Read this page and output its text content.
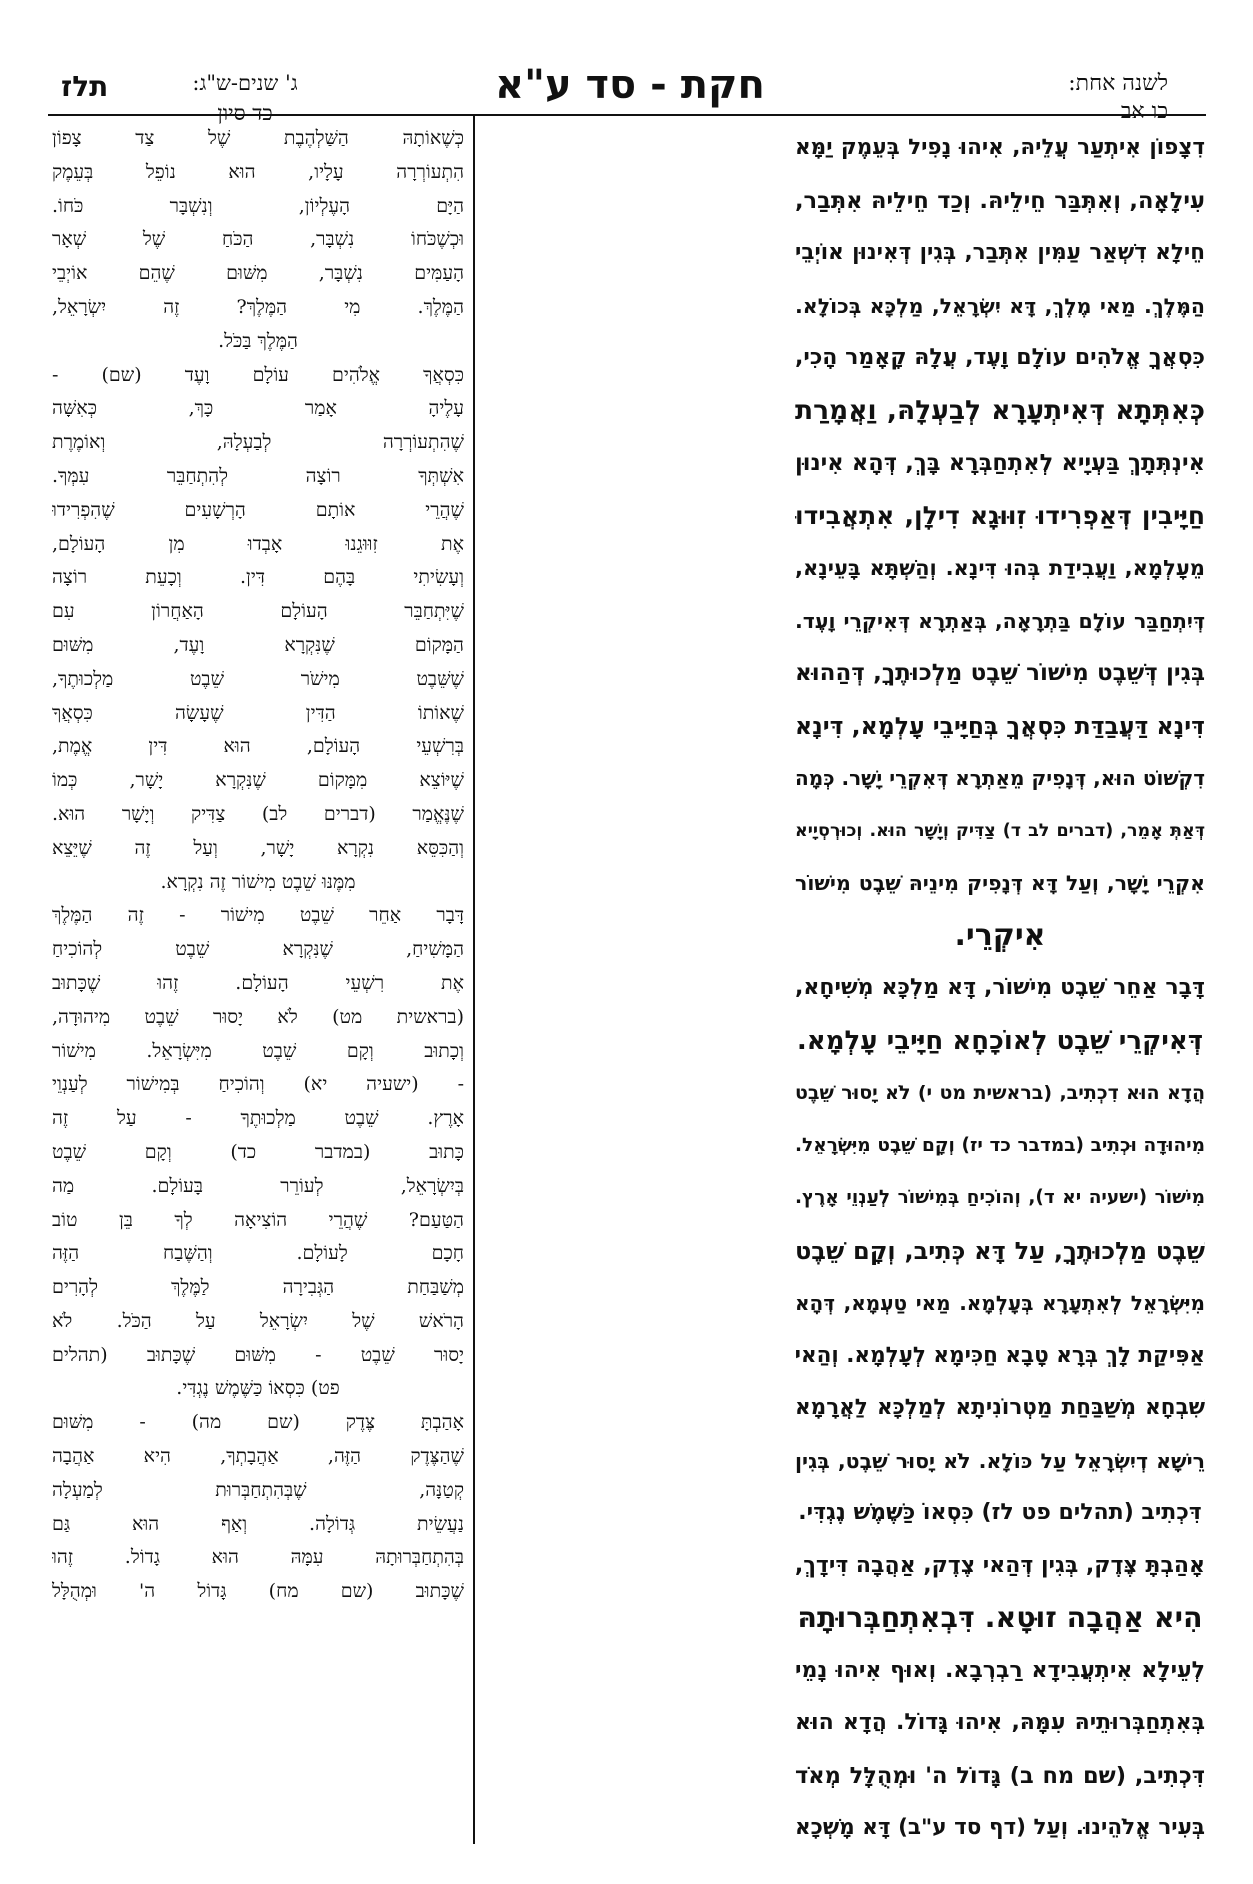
לשנה אחת:
כו אב
חקת - סד ע"א
ג' שנים-ש"ג:
כד סיון
תלז
דִצָפוֹן אִיתְעַר עֲלֵיהּ, אִיהוּ נָפִיל בְּעֵמֶק יַמָּא
עִילָאָה, וְאִתְּבַּר חֵילֵיהּ. וְכַד חֵילֵיהּ אִתְּבַר,
חֵילָא דִשְׁאַר עַמִּין אִתְּבַר, בְּגִין דְּאִינוּן אוֹיְבֵי
הַמֶּלֶךְ. מַאי מֶלֶךְ, דָּא יִשְׂרָאֵל, מַלְכָּא בְּכוֹלָא.
כִּסְאֲךָ אֱלֹהִים עוֹלָם וָעֶד, עֲלָהּ קָאָמַר הָכִי,
כְּאִתְּתָא דְּאִיתְעָרָא לְבַעְלָהּ, וַאֲמָרַת
אִינְתְּתָךְ בַּעְיָיא לְאִתְחַבְּרָא בָּךְ, דְּהָא אִינוּן
חַיָּיבִין דְּאַפְרִידוּ זִוּוּגָא דִילָן, אִתְאֲבִידוּ
מֵעָלְמָא, וַעֲבִידַת בְּהוּ דִּינָא. וְהַשְׁתָּא בָּעֵינָא,
דְּיִתְחַבַּר עוֹלָם בַּתְרָאָה, בְּאַתְרָא דְּאִיקְרֵי וָעֶד.
בְּגִין דְּשֵׁבֶט מִישׁוֹר שֵׁבֶט מַלְכוּתֶךָ, דְּהַהוּא
דִּינָא דַּעֲבַדַּת כִּסְאֲךָ בְּחַיָּיבֵי עָלְמָא, דִּינָא
דִקְשׁוֹט הוּא, דְּנָפִיק מֵאַתְרָא דְּאִקְרֵי יָשָׁר. כְּמָה
דְּאַתְּ אָמֵר, (דברים לב ד) צַדִּיק וְיָשָׁר הוּא. וְכוּרְסְיָיא
אִקְרֵי יָשָׁר, וְעַל דָּא דְּנָפִיק מִינֵיהּ שֵׁבֶט מִישׁוֹר
אִיקְרֵי.
דָּבָר אַחֵר שֵׁבֶט מִישׁוֹר, דָּא מַלְכָּא מְשִׁיחָא,
דְּאִיקְרֵי שֵׁבֶט לְאוֹכָחָא חַיָּיבֵי עָלְמָא.
הֲדָא הוּא דִכְתִיב, (בראשית מט י) לֹא יָסוּר שֵׁבֶט
מִיהוּדָה וּכְתִיב (במדבר כד יז) וְקָם שֵׁבֶט מִיִּשְׂרָאֵל.
מִישׁוֹר (ישעיה יא ד), וְהוֹכִיחַ בְּמִישׁוֹר לְעַנְוֵי אָרֶץ.
שֵׁבֶט מַלְכוּתֶךָ, עַל דָּא כְּתִיב, וְקָם שֵׁבֶט
מִיִּשְׂרָאֵל לְאִתְעָרָא בְּעָלְמָא. מַאי טַעְמָא, דְּהָא
אַפִּיקַת לָךְ בְּרָא טָבָא חַכִּימָא לְעָלְמָא. וְהַאי
שִׁבְחָא מְשַׁבַּחַת מַטְרוֹנִיתָא לְמַלְכָּא לַאֲרָמָא
רֵישָׁא דְיִשְׂרָאֵל עַל כּוֹלָא. לֹא יָסוּר שֵׁבֶט, בְּגִין
דִּכְתִיב (תהלים פט לז) כִּסְאוֹ כַּשֶּׁמֶשׁ נֶגְדִּי.
אָהַבְתָּ צֶּדֶק, בְּגִין דְּהַאי צֶדֶק, אַהֲבָה דִּידָךְ,
הִיא אַהֲבָה זוּטָא. דִּבְאִתְחַבְּרוּתָהּ
לְעֵילָא אִיתְעֲבִידָא רַבְרְבָא. וְאוּף אִיהוּ נָמֵי
בְּאִתְחַבְּרוּתֵיהּ עִמָּהּ, אִיהוּ גָּדוֹל. הֲדָא הוּא
דִּכְתִיב, (שם מח ב) גָּדוֹל ה' וּמְהֻלָּל מְאֹד
בְּעִיר אֱלֹהֵינוּ. וְעַל (דף סד ע"ב) דָּא מָשְׁכָא
כְּשֶׁאוֹתָהּ הַשַּׁלְהֶבֶת שֶׁל צַד צָפוֹן
הִתְעוֹרְרָה עָלָיו, הוּא נוֹפֵל בְּעֵמֶק
הַיָּם הָעֶלְיוֹן, וְנִשְׁבָּר כֹּחוֹ.
וּכְשֶׁכֹּחוֹ נִשְׁבָּר, הַכֹּחַ שֶׁל שְׁאָר
הָעַמִּים נִשְׁבָּר, מִשּׁוּם שֶׁהֵם אוֹיְבֵי
הַמֶּלֶךְ. מִי הַמֶּלֶךְ? זֶה יִשְׂרָאֵל,
הַמֶּלֶךְ בַּכֹּל.
כִּסְאֲךָ אֱלֹהִים עוֹלָם וָעֶד (שם) -
עָלֶיהָ אָמַר כָּךְ, כְּאִשָּׁה
שֶׁהִתְעוֹרְרָה לְבַעְלָהּ, וְאוֹמֶרֶת
אִשְׁתְּךָ רוֹצָה לְהִתְחַבֵּר עִמְּךָ.
שֶׁהֲרֵי אוֹתָם הָרְשָׁעִים שֶׁהִפְרִידוּ
אֶת זִוּוּגֵנוּ אָבְדוּ מִן הָעוֹלָם,
וְעָשִׂיתִי בָּהֶם דִּין. וְכָעֵת רוֹצָה
שֶׁיִּתְחַבֵּר הָעוֹלָם הָאַחֲרוֹן עִם
הַמָּקוֹם שֶׁנִּקְרָא וָעֶד, מִשּׁוּם
שֶׁשֵּׁבֶט מִישֹׁר שֵׁבֶט מַלְכוּתֶךָ,
שֶׁאוֹתוֹ הַדִּין שֶׁעָשָׂה כִּסְאֲךָ
בְּרִשְׁעֵי הָעוֹלָם, הוּא דִּין אֱמֶת,
שֶׁיּוֹצֵא מִמָּקוֹם שֶׁנִּקְרָא יָשָׁר, כְּמוֹ
שֶׁנֶּאֱמַר (דברים לב) צַדִּיק וְיָשָׁר הוּא.
וְהַכִּסֵּא נִקְרָא יָשָׁר, וְעַל זֶה שֶׁיֵּצֵא
מִמֶּנּוּ שֵׁבֶט מִישׁוֹר זֶה נִקְרָא.
דָּבָר אַחֵר שֵׁבֶט מִישׁוֹר - זֶה הַמֶּלֶךְ
הַמָּשִׁיחַ, שֶׁנִּקְרָא שֵׁבֶט לְהוֹכִיחַ
אֶת רִשְׁעֵי הָעוֹלָם. זֶהוּ שֶׁכָּתוּב
(בראשית מט) לֹא יָסוּר שֵׁבֶט מִיהוּדָה,
וְכָתוּב וְקָם שֵׁבֶט מִיִּשְׂרָאֵל. מִישׁוֹר
- (ישעיה יא) וְהוֹכִיחַ בְּמִישׁוֹר לְעַנְוֵי
אָרֶץ. שֵׁבֶט מַלְכוּתֶךָ - עַל זֶה
כָּתוּב (במדבר כד) וְקָם שֵׁבֶט
בְּיִשְׂרָאֵל, לְעוֹרֵר בָּעוֹלָם. מַה
הַטַּעַם? שֶׁהֲרֵי הוֹצִיאָה לְךָ בֵּן טוֹב
חָכָם לָעוֹלָם. וְהַשֶּׁבַח הַזֶּה
מְשַׁבַּחַת הַגְּבִירָה לַמֶּלֶךְ לְהָרִים
הָרֹאשׁ שֶׁל יִשְׂרָאֵל עַל הַכֹּל. לֹא
יָסוּר שֵׁבֶט - מִשּׁוּם שֶׁכָּתוּב (תהלים
פט) כִּסְאוֹ כַּשֶּׁמֶשׁ נֶגְדִּי.
אָהַבְתָּ צֶּדֶק (שם מה) - מִשּׁוּם
שֶׁהַצֶּדֶק הַזֶּה, אַהֲבָתְךָ, הִיא אַהֲבָה
קְטַנָּה, שֶׁבְּהִתְחַבְּרוּת לְמַעְלָה
נַעֲשֵׂית גְּדוֹלָה. וְאַף הוּא גַּם
בְּהִתְחַבְּרוּתָהּ עִמָּהּ הוּא גָדוֹל. זֶהוּ
שֶׁכָּתוּב (שם מח) גָּדוֹל ה' וּמְהֻלָּל
